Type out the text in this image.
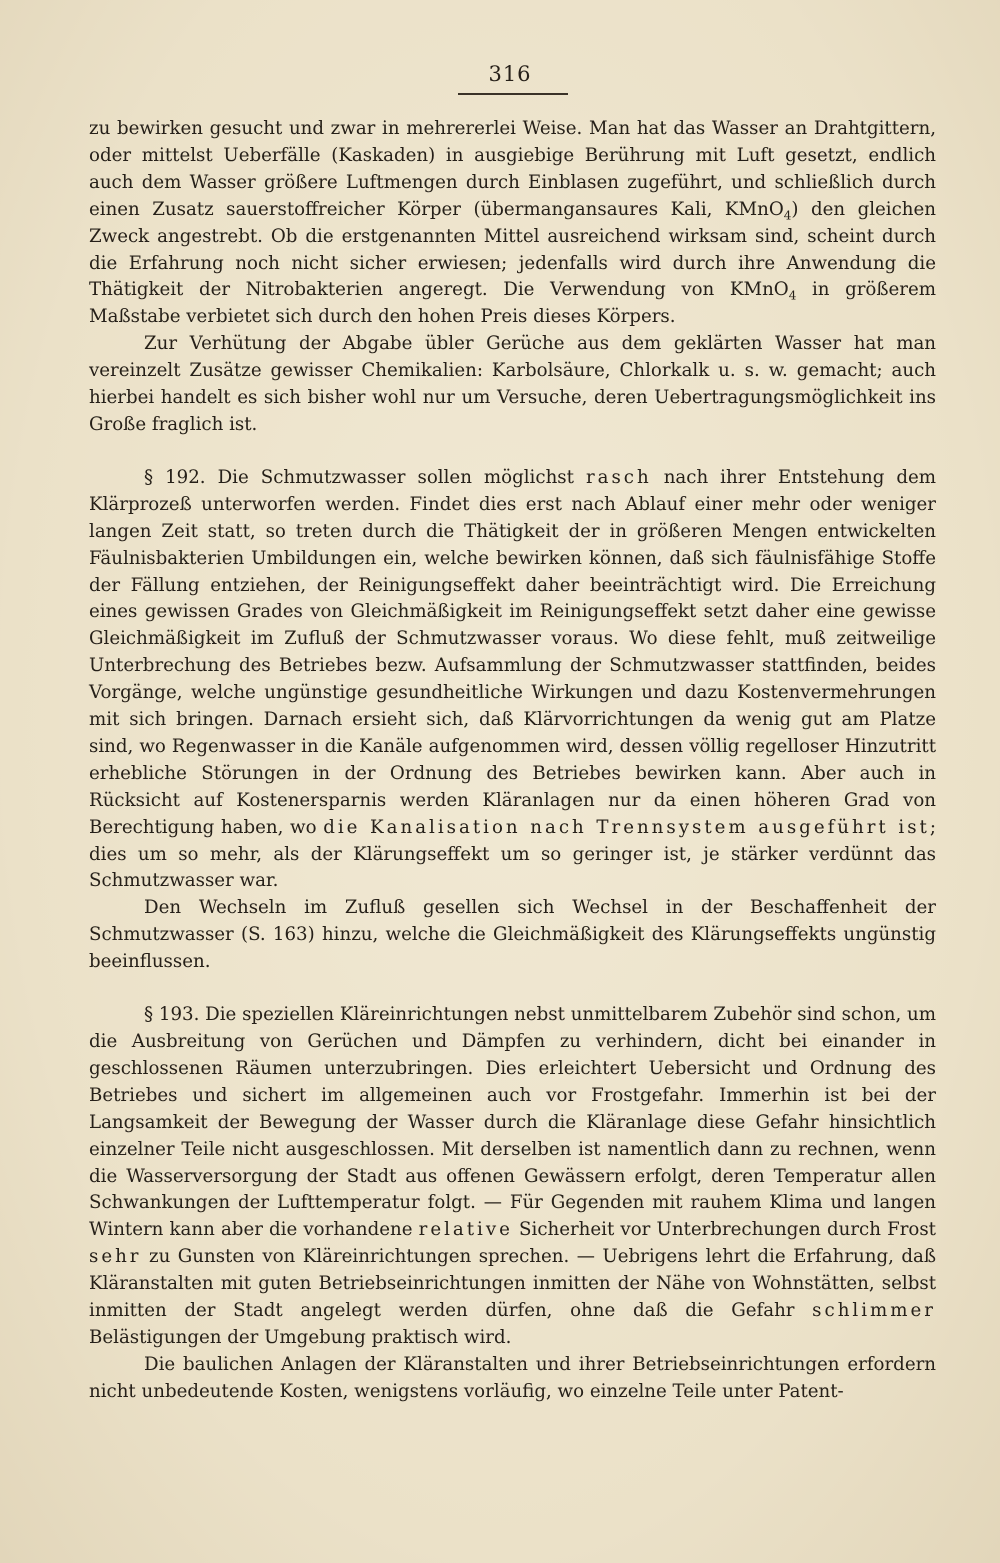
316

zu bewirken gesucht und zwar in mehrererlei Weise. Man hat das Wasser an Drahtgittern, oder mittelst Ueberfälle (Kaskaden) in ausgiebige Berührung mit Luft gesetzt, endlich auch dem Wasser größere Luftmengen durch Einblasen zugeführt, und schließlich durch einen Zusatz sauerstoffreicher Körper (übermangansaures Kali, KMnO$_4$) den gleichen Zweck angestrebt. Ob die erstgenannten Mittel ausreichend wirksam sind, scheint durch die Erfahrung noch nicht sicher erwiesen; jedenfalls wird durch ihre Anwendung die Thätigkeit der Nitrobakterien angeregt. Die Verwendung von KMnO$_4$ in größerem Maßstabe verbietet sich durch den hohen Preis dieses Körpers.

Zur Verhütung der Abgabe übler Gerüche aus dem geklärten Wasser hat man vereinzelt Zusätze gewisser Chemikalien: Karbolsäure, Chlorkalk u. s. w. gemacht; auch hierbei handelt es sich bisher wohl nur um Versuche, deren Uebertragungsmöglichkeit ins Große fraglich ist.

§ 192. Die Schmutzwasser sollen möglichst rasch nach ihrer Entstehung dem Klärprozeß unterworfen werden. Findet dies erst nach Ablauf einer mehr oder weniger langen Zeit statt, so treten durch die Thätigkeit der in größeren Mengen entwickelten Fäulnisbakterien Umbildungen ein, welche bewirken können, daß sich fäulnisfähige Stoffe der Fällung entziehen, der Reinigungseffekt daher beeinträchtigt wird. Die Erreichung eines gewissen Grades von Gleichmäßigkeit im Reinigungseffekt setzt daher eine gewisse Gleichmäßigkeit im Zufluß der Schmutzwasser voraus. Wo diese fehlt, muß zeitweilige Unterbrechung des Betriebes bezw. Aufsammlung der Schmutzwasser stattfinden, beides Vorgänge, welche ungünstige gesundheitliche Wirkungen und dazu Kostenvermehrungen mit sich bringen. Darnach ersieht sich, daß Klärvorrichtungen da wenig gut am Platze sind, wo Regenwasser in die Kanäle aufgenommen wird, dessen völlig regelloser Hinzutritt erhebliche Störungen in der Ordnung des Betriebes bewirken kann. Aber auch in Rücksicht auf Kostenersparnis werden Kläranlagen nur da einen höheren Grad von Berechtigung haben, wo die Kanalisation nach Trennsystem ausgeführt ist; dies um so mehr, als der Klärungseffekt um so geringer ist, je stärker verdünnt das Schmutzwasser war.

Den Wechseln im Zufluß gesellen sich Wechsel in der Beschaffenheit der Schmutzwasser (S. 163) hinzu, welche die Gleichmäßigkeit des Klärungseffekts ungünstig beeinflussen.

§ 193. Die speziellen Kläreinrichtungen nebst unmittelbarem Zubehör sind schon, um die Ausbreitung von Gerüchen und Dämpfen zu verhindern, dicht bei einander in geschlossenen Räumen unterzubringen. Dies erleichtert Uebersicht und Ordnung des Betriebes und sichert im allgemeinen auch vor Frostgefahr. Immerhin ist bei der Langsamkeit der Bewegung der Wasser durch die Kläranlage diese Gefahr hinsichtlich einzelner Teile nicht ausgeschlossen. Mit derselben ist namentlich dann zu rechnen, wenn die Wasserversorgung der Stadt aus offenen Gewässern erfolgt, deren Temperatur allen Schwankungen der Lufttemperatur folgt. — Für Gegenden mit rauhem Klima und langen Wintern kann aber die vorhandene relative Sicherheit vor Unterbrechungen durch Frost sehr zu Gunsten von Kläreinrichtungen sprechen. — Uebrigens lehrt die Erfahrung, daß Kläranstalten mit guten Betriebseinrichtungen inmitten der Nähe von Wohnstätten, selbst inmitten der Stadt angelegt werden dürfen, ohne daß die Gefahr schlimmer Belästigungen der Umgebung praktisch wird.

Die baulichen Anlagen der Kläranstalten und ihrer Betriebseinrichtungen erfordern nicht unbedeutende Kosten, wenigstens vorläufig, wo einzelne Teile unter Patent-
